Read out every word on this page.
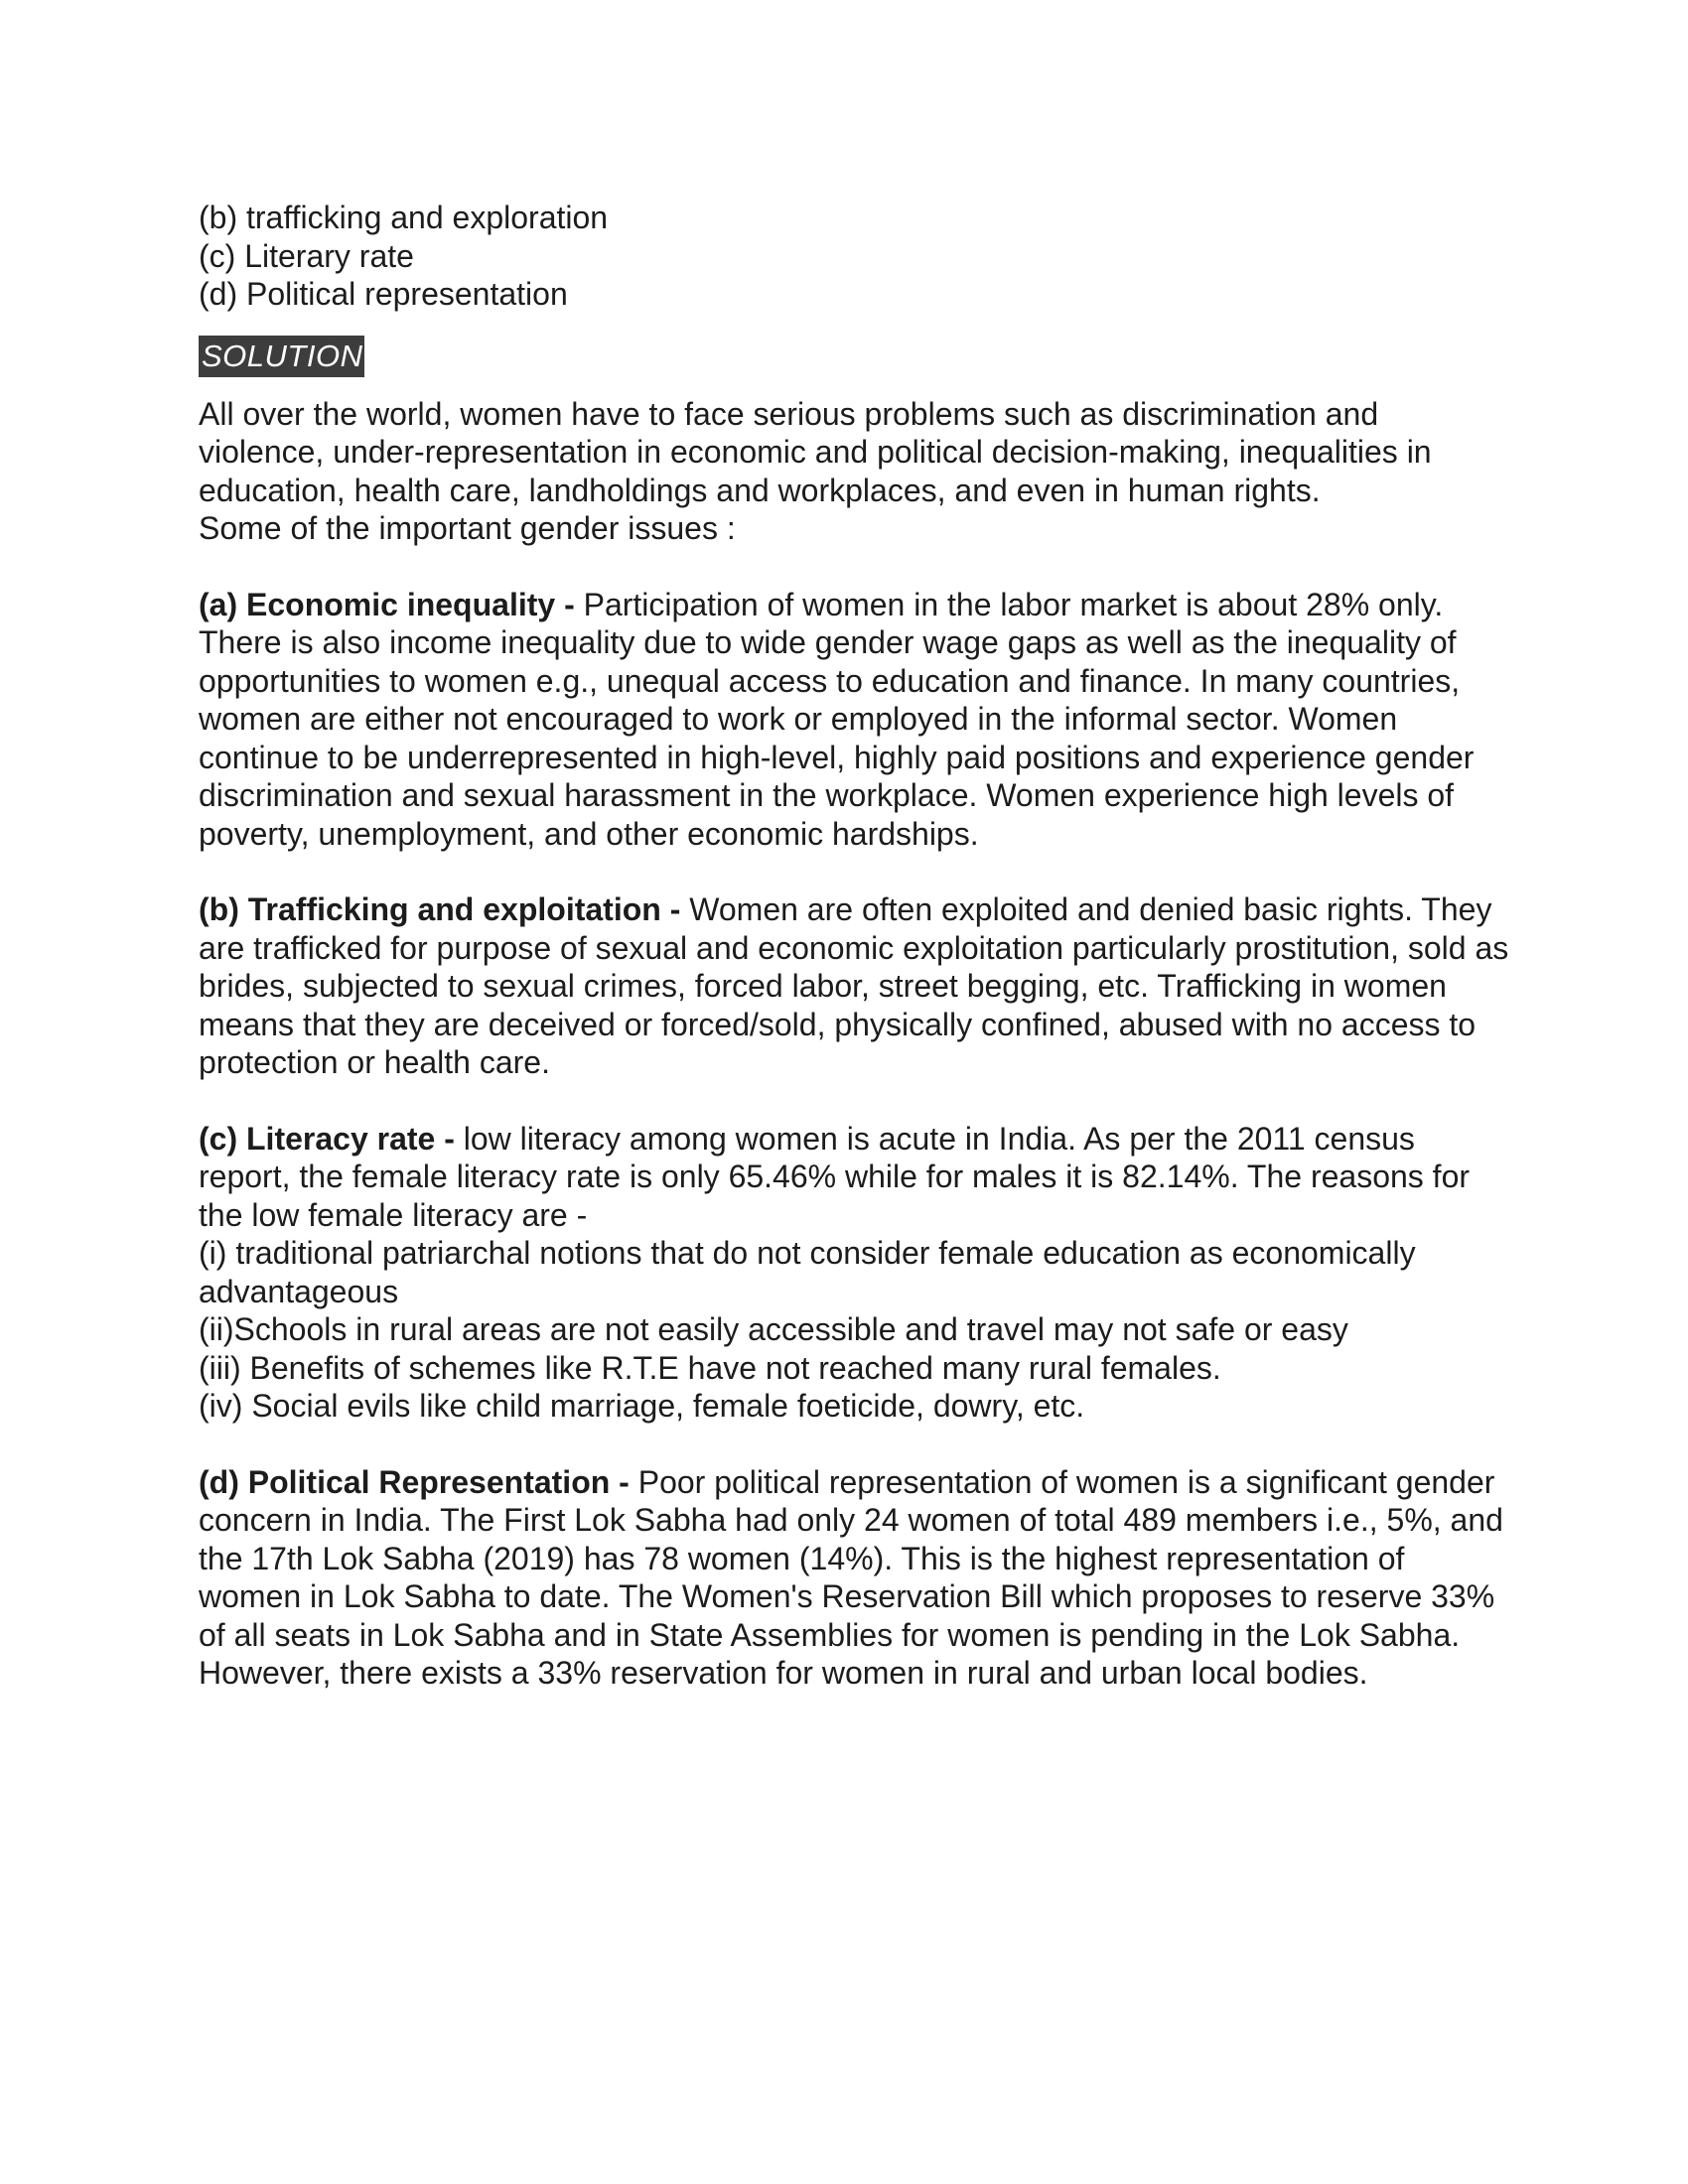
(b) trafficking and exploration
(c) Literary rate
(d) Political representation
SOLUTION

All over the world, women have to face serious problems such as discrimination and violence, under-representation in economic and political decision-making, inequalities in education, health care, landholdings and workplaces, and even in human rights.
Some of the important gender issues :

(a) Economic inequality - Participation of women in the labor market is about 28% only. There is also income inequality due to wide gender wage gaps as well as the inequality of opportunities to women e.g., unequal access to education and finance. In many countries, women are either not encouraged to work or employed in the informal sector. Women continue to be underrepresented in high-level, highly paid positions and experience gender discrimination and sexual harassment in the workplace. Women experience high levels of poverty, unemployment, and other economic hardships.

(b) Trafficking and exploitation - Women are often exploited and denied basic rights. They are trafficked for purpose of sexual and economic exploitation particularly prostitution, sold as brides, subjected to sexual crimes, forced labor, street begging, etc. Trafficking in women means that they are deceived or forced/sold, physically confined, abused with no access to protection or health care.

(c) Literacy rate - low literacy among women is acute in India. As per the 2011 census report, the female literacy rate is only 65.46% while for males it is 82.14%. The reasons for the low female literacy are -

(i) traditional patriarchal notions that do not consider female education as economically advantageous
(ii)Schools in rural areas are not easily accessible and travel may not safe or easy
(iii) Benefits of schemes like R.T.E have not reached many rural females.
(iv) Social evils like child marriage, female foeticide, dowry, etc.

(d) Political Representation - Poor political representation of women is a significant gender concern in India. The First Lok Sabha had only 24 women of total 489 members i.e., 5%, and the 17th Lok Sabha (2019) has 78 women (14%). This is the highest representation of women in Lok Sabha to date. The Women's Reservation Bill which proposes to reserve 33% of all seats in Lok Sabha and in State Assemblies for women is pending in the Lok Sabha. However, there exists a 33% reservation for women in rural and urban local bodies.
